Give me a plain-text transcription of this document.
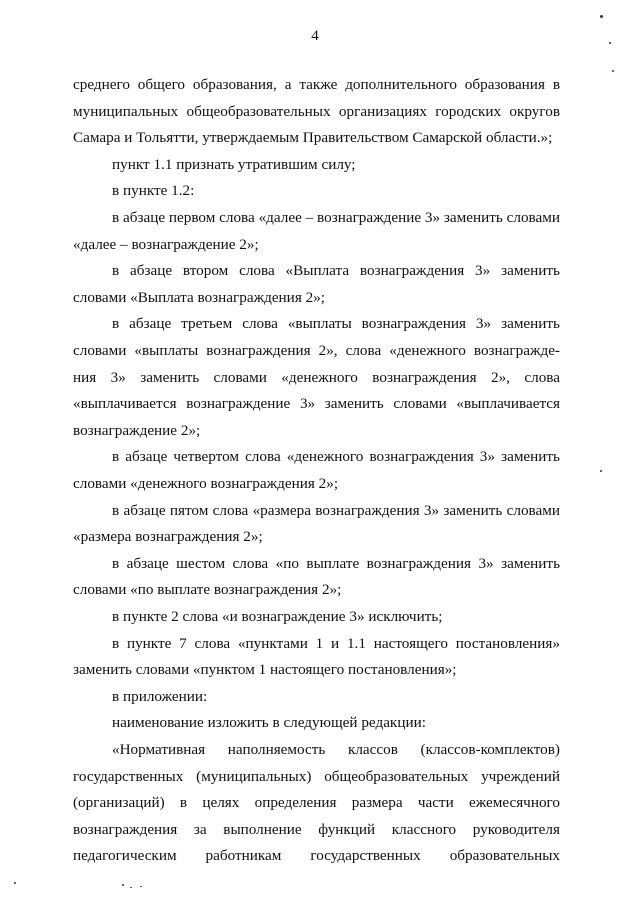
4
среднего общего образования, а также дополнительного образования в
муниципальных общеобразовательных организациях городских округов
Самара и Тольятти, утверждаемым Правительством Самарской области.»;
пункт 1.1 признать утратившим силу;
в пункте 1.2:
в абзаце первом слова «далее – вознаграждение 3» заменить словами
«далее – вознаграждение 2»;
в абзаце втором слова «Выплата вознаграждения 3» заменить
словами «Выплата вознаграждения 2»;
в абзаце третьем слова «выплаты вознаграждения 3» заменить
словами «выплаты вознаграждения 2», слова «денежного вознагражде-
ния 3» заменить словами «денежного вознаграждения 2», слова
«выплачивается вознаграждение 3» заменить словами «выплачивается
вознаграждение 2»;
в абзаце четвертом слова «денежного вознаграждения 3» заменить
словами «денежного вознаграждения 2»;
в абзаце пятом слова «размера вознаграждения 3» заменить словами
«размера вознаграждения 2»;
в абзаце шестом слова «по выплате вознаграждения 3» заменить
словами «по выплате вознаграждения 2»;
в пункте 2 слова «и вознаграждение 3» исключить;
в пункте 7 слова «пунктами 1 и 1.1 настоящего постановления»
заменить словами «пунктом 1 настоящего постановления»;
в приложении:
наименование изложить в следующей редакции:
«Нормативная наполняемость классов (классов-комплектов)
государственных (муниципальных) общеобразовательных учреждений
(организаций) в целях определения размера части ежемесячного
вознаграждения за выполнение функций классного руководителя
педагогическим работникам государственных образовательных
